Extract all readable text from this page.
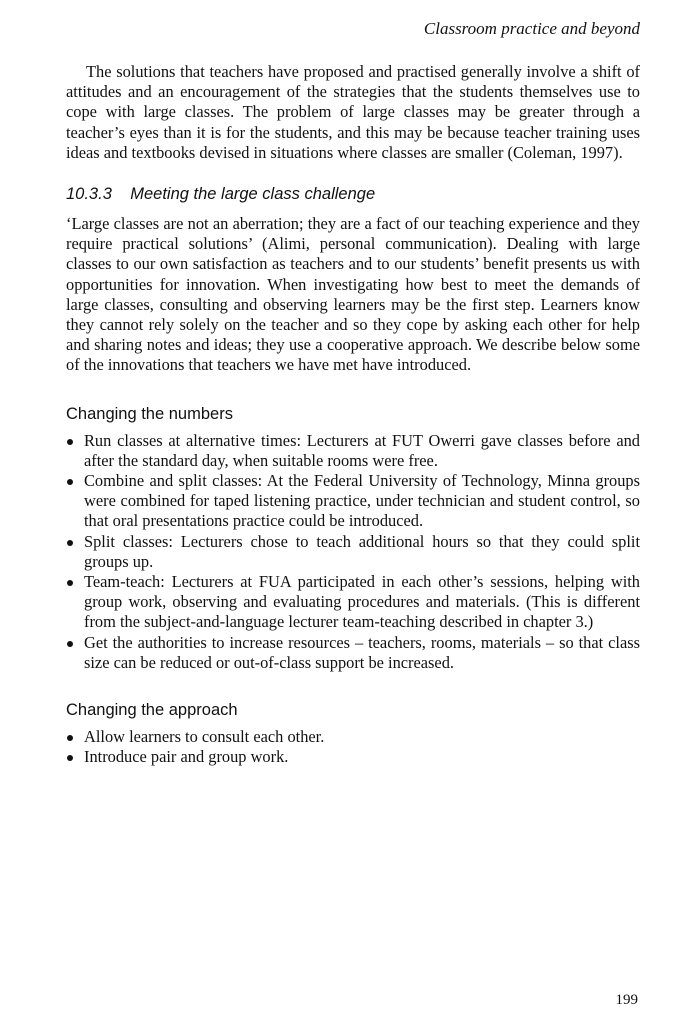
Classroom practice and beyond

The solutions that teachers have proposed and practised generally involve a shift of attitudes and an encouragement of the strategies that the students themselves use to cope with large classes. The problem of large classes may be greater through a teacher’s eyes than it is for the students, and this may be because teacher training uses ideas and textbooks devised in situations where classes are smaller (Coleman, 1997).

10.3.3 Meeting the large class challenge

‘Large classes are not an aberration; they are a fact of our teaching experience and they require practical solutions’ (Alimi, personal communication). Dealing with large classes to our own satisfaction as teachers and to our students’ benefit presents us with opportunities for innovation. When investigating how best to meet the demands of large classes, consulting and observing learners may be the first step. Learners know they cannot rely solely on the teacher and so they cope by asking each other for help and sharing notes and ideas; they use a cooperative approach. We describe below some of the innovations that teachers we have met have introduced.

Changing the numbers
Run classes at alternative times: Lecturers at FUT Owerri gave classes before and after the standard day, when suitable rooms were free.
Combine and split classes: At the Federal University of Technology, Minna groups were combined for taped listening practice, under technician and student control, so that oral presentations practice could be introduced.
Split classes: Lecturers chose to teach additional hours so that they could split groups up.
Team-teach: Lecturers at FUA participated in each other’s sessions, helping with group work, observing and evaluating procedures and materials. (This is different from the subject-and-language lecturer team-teaching described in chapter 3.)
Get the authorities to increase resources – teachers, rooms, materials – so that class size can be reduced or out-of-class support be increased.
Changing the approach
Allow learners to consult each other.
Introduce pair and group work.
199
